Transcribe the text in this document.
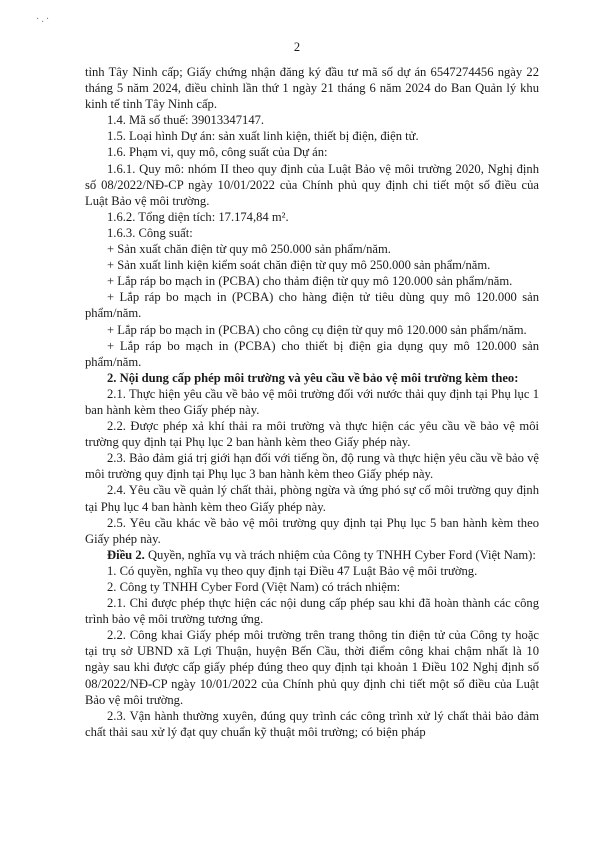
·.·
2

tỉnh Tây Ninh cấp; Giấy chứng nhận đăng ký đầu tư mã số dự án 6547274456 ngày 22 tháng 5 năm 2024, điều chỉnh lần thứ 1 ngày 21 tháng 6 năm 2024 do Ban Quản lý khu kinh tế tỉnh Tây Ninh cấp.

1.4. Mã số thuế: 39013347147.

1.5. Loại hình Dự án: sản xuất linh kiện, thiết bị điện, điện tử.

1.6. Phạm vi, quy mô, công suất của Dự án:

1.6.1. Quy mô: nhóm II theo quy định của Luật Bảo vệ môi trường 2020, Nghị định số 08/2022/NĐ-CP ngày 10/01/2022 của Chính phủ quy định chi tiết một số điều của Luật Bảo vệ môi trường.

1.6.2. Tổng diện tích: 17.174,84 m².

1.6.3. Công suất:

+ Sản xuất chăn điện từ quy mô 250.000 sản phẩm/năm.

+ Sản xuất linh kiện kiểm soát chăn điện từ quy mô 250.000 sản phẩm/năm.

+ Lắp ráp bo mạch in (PCBA) cho thảm điện từ quy mô 120.000 sản phẩm/năm.

+ Lắp ráp bo mạch in (PCBA) cho hàng điện tử tiêu dùng quy mô 120.000 sản phẩm/năm.

+ Lắp ráp bo mạch in (PCBA) cho công cụ điện từ quy mô 120.000 sản phẩm/năm.

+ Lắp ráp bo mạch in (PCBA) cho thiết bị điện gia dụng quy mô 120.000 sản phẩm/năm.

2. Nội dung cấp phép môi trường và yêu cầu về bảo vệ môi trường kèm theo:

2.1. Thực hiện yêu cầu về bảo vệ môi trường đối với nước thải quy định tại Phụ lục 1 ban hành kèm theo Giấy phép này.

2.2. Được phép xả khí thải ra môi trường và thực hiện các yêu cầu về bảo vệ môi trường quy định tại Phụ lục 2 ban hành kèm theo Giấy phép này.

2.3. Bảo đảm giá trị giới hạn đối với tiếng ồn, độ rung và thực hiện yêu cầu về bảo vệ môi trường quy định tại Phụ lục 3 ban hành kèm theo Giấy phép này.

2.4. Yêu cầu về quản lý chất thải, phòng ngừa và ứng phó sự cố môi trường quy định tại Phụ lục 4 ban hành kèm theo Giấy phép này.

2.5. Yêu cầu khác về bảo vệ môi trường quy định tại Phụ lục 5 ban hành kèm theo Giấy phép này.

Điều 2. Quyền, nghĩa vụ và trách nhiệm của Công ty TNHH Cyber Ford (Việt Nam):

1. Có quyền, nghĩa vụ theo quy định tại Điều 47 Luật Bảo vệ môi trường.

2. Công ty TNHH Cyber Ford (Việt Nam) có trách nhiệm:

2.1. Chỉ được phép thực hiện các nội dung cấp phép sau khi đã hoàn thành các công trình bảo vệ môi trường tương ứng.

2.2. Công khai Giấy phép môi trường trên trang thông tin điện tử của Công ty hoặc tại trụ sở UBND xã Lợi Thuận, huyện Bến Cầu, thời điểm công khai chậm nhất là 10 ngày sau khi được cấp giấy phép đúng theo quy định tại khoản 1 Điều 102 Nghị định số 08/2022/NĐ-CP ngày 10/01/2022 của Chính phủ quy định chi tiết một số điều của Luật Bảo vệ môi trường.

2.3. Vận hành thường xuyên, đúng quy trình các công trình xử lý chất thải bảo đảm chất thải sau xử lý đạt quy chuẩn kỹ thuật môi trường; có biện pháp
